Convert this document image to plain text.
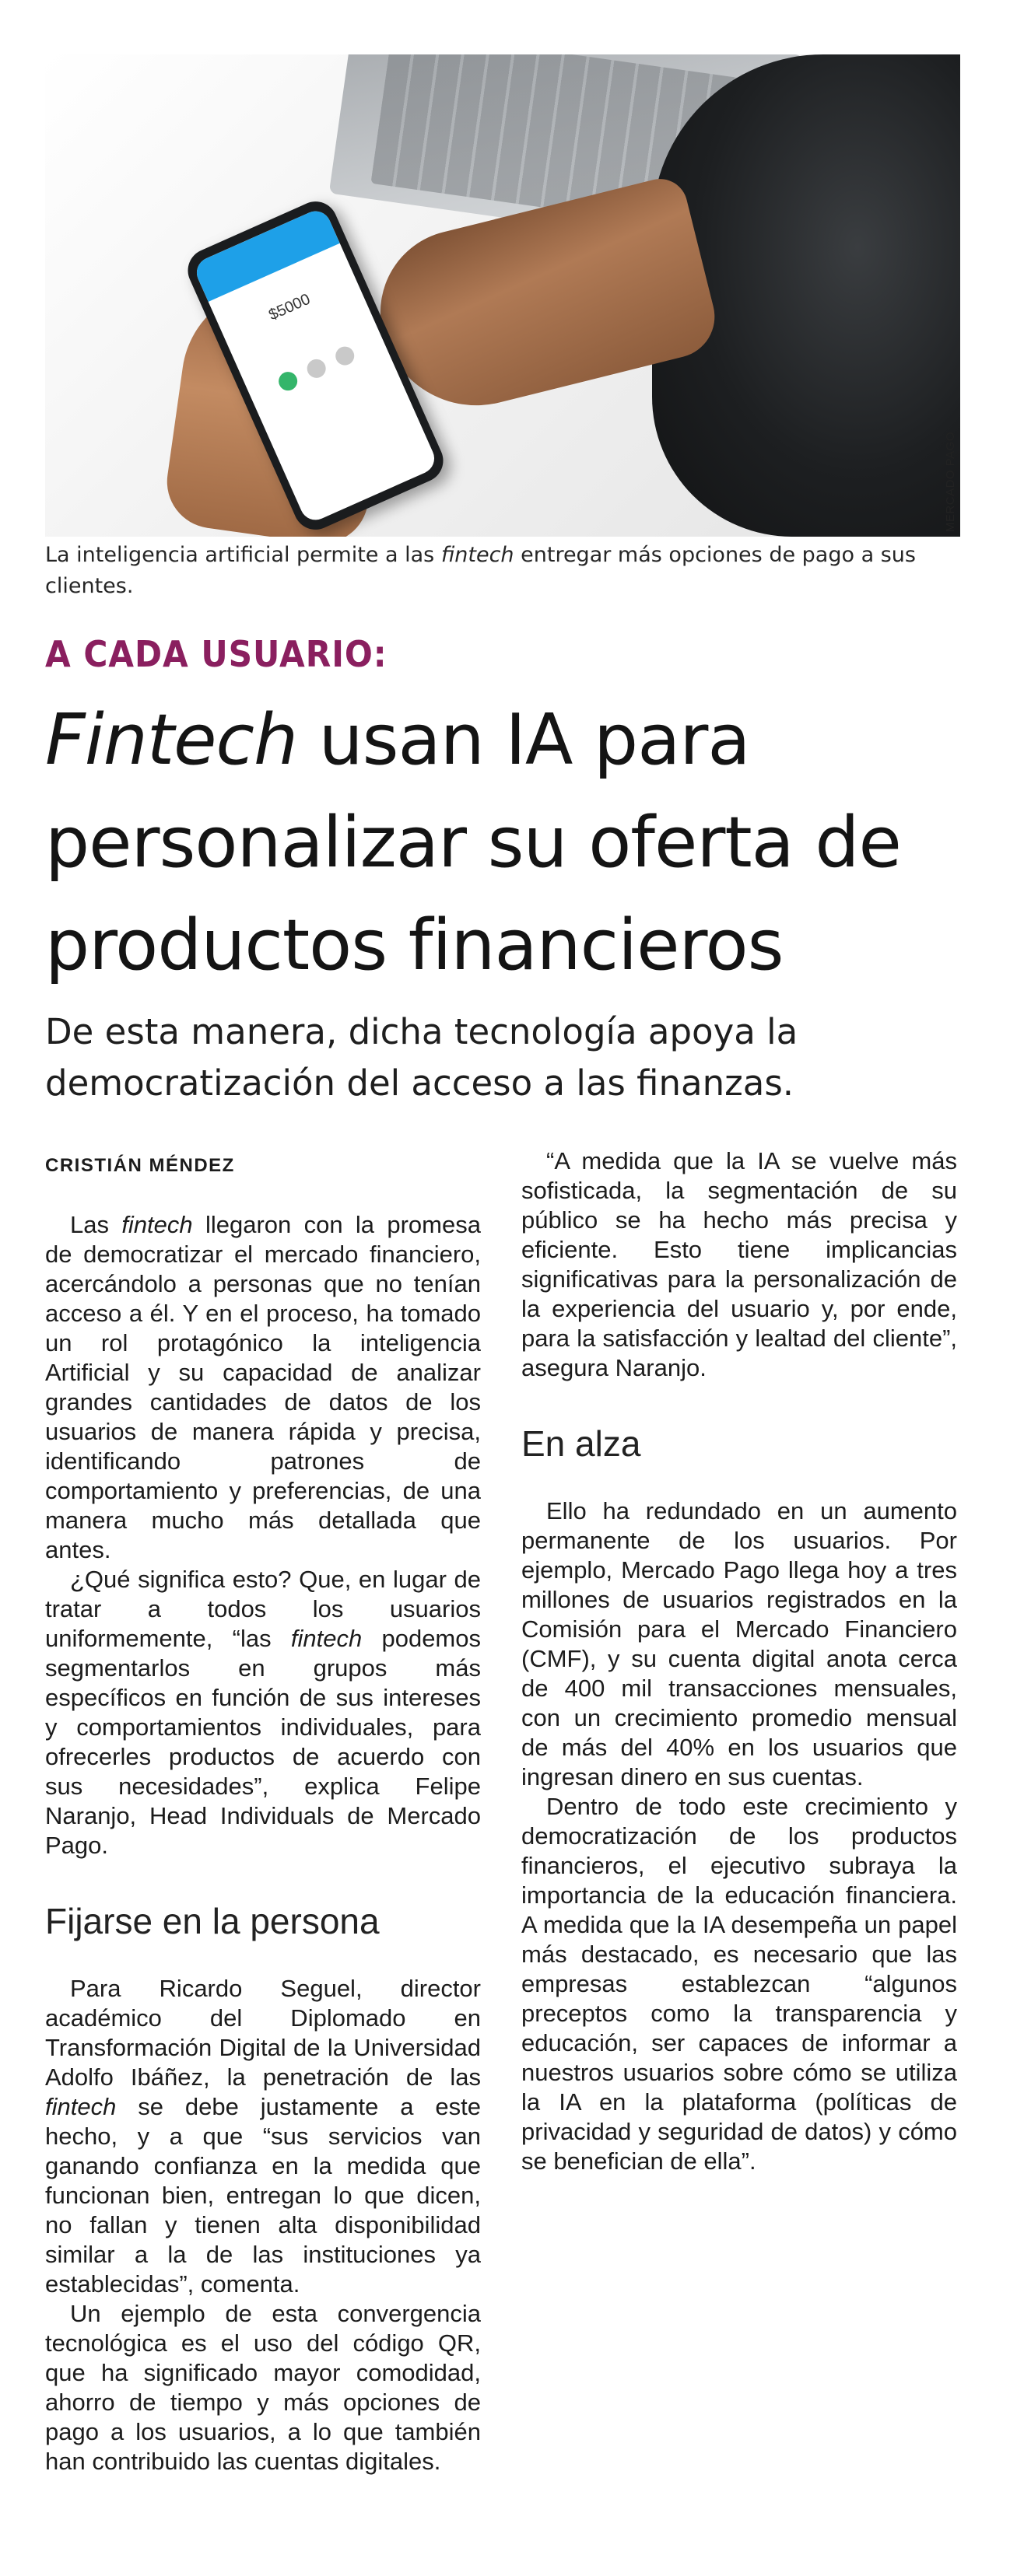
$5000
MERCADO PAGO
La inteligencia artificial permite a las fintech entregar más opciones de pago a sus clientes.
A CADA USUARIO:
Fintech usan IA para personalizar su oferta de productos financieros
De esta manera, dicha tecnología apoya la democratización del acceso a las finanzas.
CRISTIÁN MÉNDEZ

Las fintech llegaron con la promesa de democratizar el mercado financiero, acercándolo a personas que no tenían acceso a él. Y en el proceso, ha tomado un rol protagónico la inteligencia Artificial y su capacidad de analizar grandes cantidades de datos de los usuarios de manera rápida y precisa, identificando patrones de comportamiento y preferencias, de una manera mucho más detallada que antes.

¿Qué significa esto? Que, en lugar de tratar a todos los usuarios uniformemente, “las fintech podemos segmentarlos en grupos más específicos en función de sus intereses y comportamientos individuales, para ofrecerles productos de acuerdo con sus necesidades”, explica Felipe Naranjo, Head Individuals de Mercado Pago.

Fijarse en la persona

Para Ricardo Seguel, director académico del Diplomado en Transformación Digital de la Universidad Adolfo Ibáñez, la penetración de las fintech se debe justamente a este hecho, y a que “sus servicios van ganando confianza en la medida que funcionan bien, entregan lo que dicen, no fallan y tienen alta disponibilidad similar a la de las instituciones ya establecidas”, comenta.

Un ejemplo de esta convergencia tecnológica es el uso del código QR, que ha significado mayor comodidad, ahorro de tiempo y más opciones de pago a los usuarios, a lo que también han contribuido las cuentas digitales.

“A medida que la IA se vuelve más sofisticada, la segmentación de su público se ha hecho más precisa y eficiente. Esto tiene implicancias significativas para la personalización de la experiencia del usuario y, por ende, para la satisfacción y lealtad del cliente”, asegura Naranjo.

En alza

Ello ha redundado en un aumento permanente de los usuarios. Por ejemplo, Mercado Pago llega hoy a tres millones de usuarios registrados en la Comisión para el Mercado Financiero (CMF), y su cuenta digital anota cerca de 400 mil transacciones mensuales, con un crecimiento promedio mensual de más del 40% en los usuarios que ingresan dinero en sus cuentas.

Dentro de todo este crecimiento y democratización de los productos financieros, el ejecutivo subraya la importancia de la educación financiera. A medida que la IA desempeña un papel más destacado, es necesario que las empresas establezcan “algunos preceptos como la transparencia y educación, ser capaces de informar a nuestros usuarios sobre cómo se utiliza la IA en la plataforma (políticas de privacidad y seguridad de datos) y cómo se benefician de ella”.
